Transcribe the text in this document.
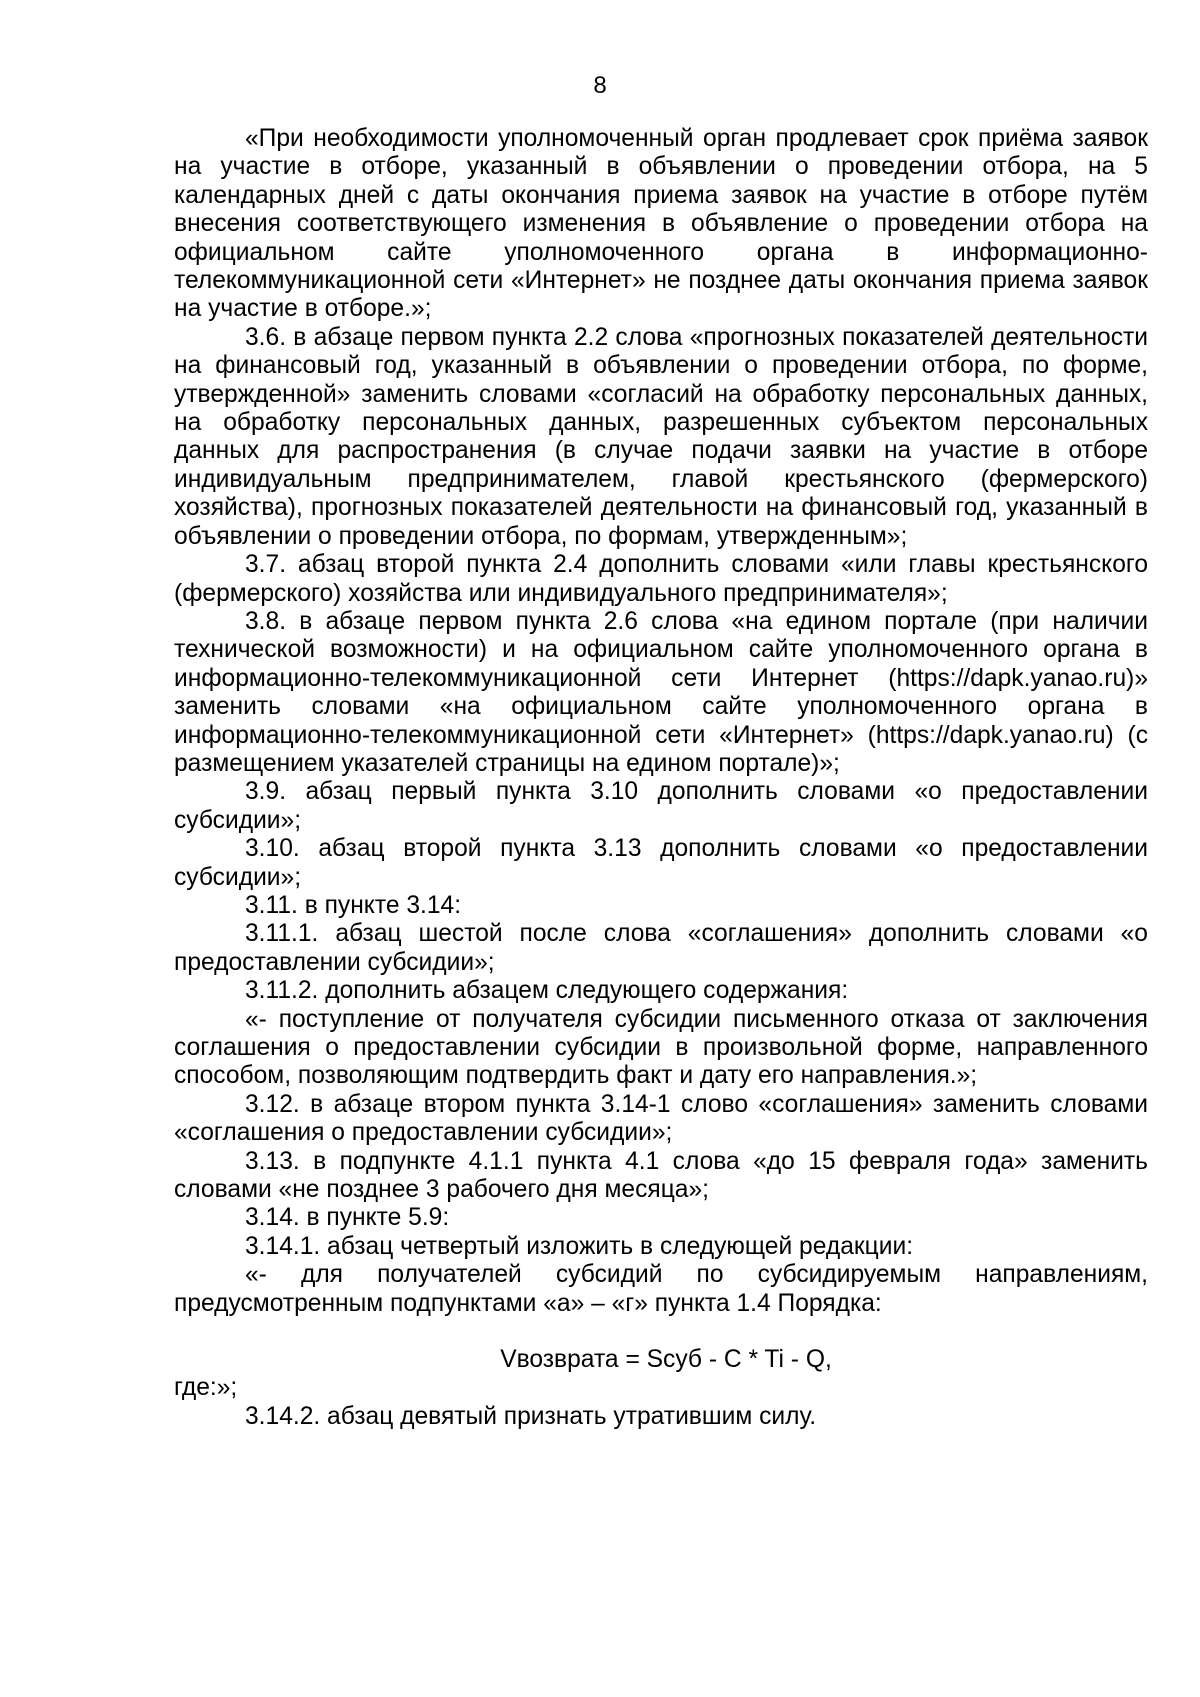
8

«При необходимости уполномоченный орган продлевает срок приёма заявок на участие в отборе, указанный в объявлении о проведении отбора, на 5 календарных дней с даты окончания приема заявок на участие в отборе путём внесения соответствующего изменения в объявление о проведении отбора на официальном сайте уполномоченного органа в информационно-телекоммуникационной сети «Интернет» не позднее даты окончания приема заявок на участие в отборе.»;

3.6. в абзаце первом пункта 2.2 слова «прогнозных показателей деятельности на финансовый год, указанный в объявлении о проведении отбора, по форме, утвержденной» заменить словами «согласий на обработку персональных данных, на обработку персональных данных, разрешенных субъектом персональных данных для распространения (в случае подачи заявки на участие в отборе индивидуальным предпринимателем, главой крестьянского (фермерского) хозяйства), прогнозных показателей деятельности на финансовый год, указанный в объявлении о проведении отбора, по формам, утвержденным»;

3.7. абзац второй пункта 2.4 дополнить словами «или главы крестьянского (фермерского) хозяйства или индивидуального предпринимателя»;

3.8. в абзаце первом пункта 2.6 слова «на едином портале (при наличии технической возможности) и на официальном сайте уполномоченного органа в информационно-телекоммуникационной сети Интернет (https://dapk.yanao.ru)» заменить словами «на официальном сайте уполномоченного органа в информационно-телекоммуникационной сети «Интернет» (https://dapk.yanao.ru) (с размещением указателей страницы на едином портале)»;

3.9. абзац первый пункта 3.10 дополнить словами «о предоставлении субсидии»;

3.10. абзац второй пункта 3.13 дополнить словами «о предоставлении субсидии»;

3.11. в пункте 3.14:

3.11.1. абзац шестой после слова «соглашения» дополнить словами «о предоставлении субсидии»;

3.11.2. дополнить абзацем следующего содержания:

«- поступление от получателя субсидии письменного отказа от заключения соглашения о предоставлении субсидии в произвольной форме, направленного способом, позволяющим подтвердить факт и дату его направления.»;

3.12. в абзаце втором пункта 3.14-1 слово «соглашения» заменить словами «соглашения о предоставлении субсидии»;

3.13. в подпункте 4.1.1 пункта 4.1 слова «до 15 февраля года» заменить словами «не позднее 3 рабочего дня месяца»;

3.14. в пункте 5.9:

3.14.1. абзац четвертый изложить в следующей редакции:

«- для получателей субсидий по субсидируемым направлениям, предусмотренным подпунктами «а» – «г» пункта 1.4 Порядка:

Vвозврата = Sсуб - C * Ti - Q,

где:»;

3.14.2. абзац девятый признать утратившим силу.
